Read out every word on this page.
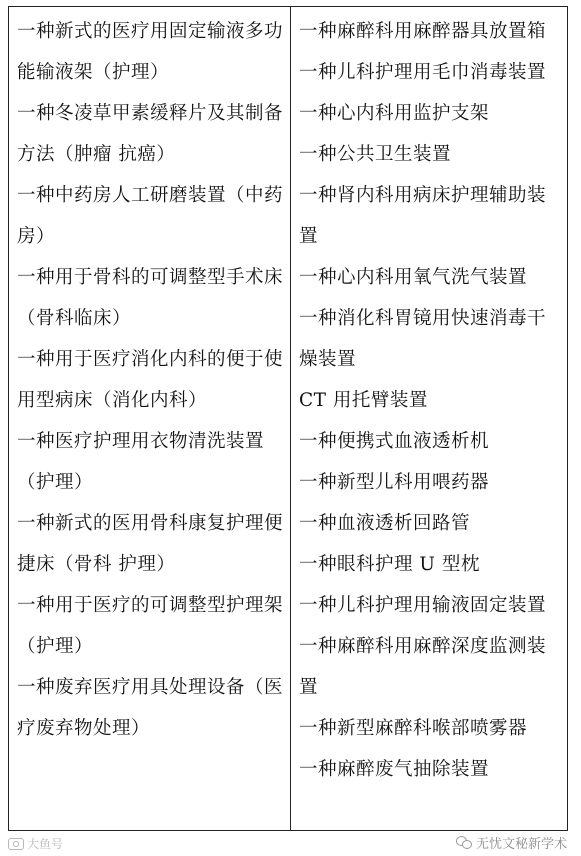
一种新式的医疗用固定输液多功能输液架（护理）

一种冬凌草甲素缓释片及其制备方法（肿瘤 抗癌）

一种中药房人工研磨装置（中药房）

一种用于骨科的可调整型手术床（骨科临床）

一种用于医疗消化内科的便于使用型病床（消化内科）

一种医疗护理用衣物清洗装置（护理）

一种新式的医用骨科康复护理便捷床（骨科 护理）

一种用于医疗的可调整型护理架（护理）

一种废弃医疗用具处理设备（医疗废弃物处理）

一种麻醉科用麻醉器具放置箱

一种儿科护理用毛巾消毒装置

一种心内科用监护支架

一种公共卫生装置

一种肾内科用病床护理辅助装置

一种心内科用氧气洗气装置

一种消化科胃镜用快速消毒干燥装置

CT 用托臂装置

一种便携式血液透析机

一种新型儿科用喂药器

一种血液透析回路管

一种眼科护理 U 型枕

一种儿科护理用输液固定装置

一种麻醉科用麻醉深度监测装置

一种新型麻醉科喉部喷雾器

一种麻醉废气抽除装置

大鱼号	无忧文秘新学术
